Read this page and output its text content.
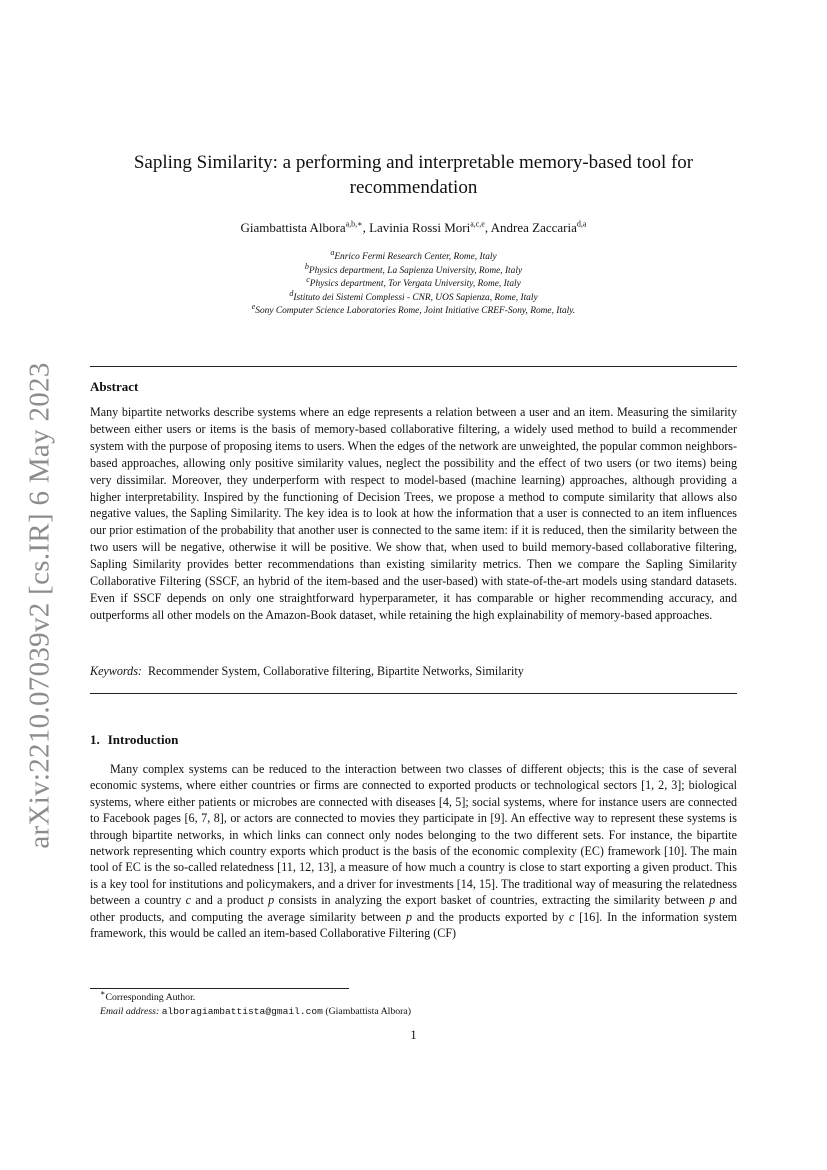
arXiv:2210.07039v2 [cs.IR] 6 May 2023
Sapling Similarity: a performing and interpretable memory-based tool for
recommendation
Giambattista Albora$^{a,b,∗}$, Lavinia Rossi Mori$^{a,c,e}$, Andrea Zaccaria$^{d,a}$
$^a$Enrico Fermi Research Center, Rome, Italy
$^b$Physics department, La Sapienza University, Rome, Italy
$^c$Physics department, Tor Vergata University, Rome, Italy
$^d$Istituto dei Sistemi Complessi - CNR, UOS Sapienza, Rome, Italy
$^e$Sony Computer Science Laboratories Rome, Joint Initiative CREF-Sony, Rome, Italy.
Abstract
Many bipartite networks describe systems where an edge represents a relation between a user and an item. Measuring the similarity between either users or items is the basis of memory-based collaborative filtering, a widely used method to build a recommender system with the purpose of proposing items to users. When the edges of the network are unweighted, the popular common neighbors-based approaches, allowing only positive similarity values, neglect the possibility and the effect of two users (or two items) being very dissimilar. Moreover, they underperform with respect to model-based (machine learning) approaches, although providing a higher interpretability. Inspired by the functioning of Decision Trees, we propose a method to compute similarity that allows also negative values, the Sapling Similarity. The key idea is to look at how the information that a user is connected to an item influences our prior estimation of the probability that another user is connected to the same item: if it is reduced, then the similarity between the two users will be negative, otherwise it will be positive. We show that, when used to build memory-based collaborative filtering, Sapling Similarity provides better recommendations than existing similarity metrics. Then we compare the Sapling Similarity Collaborative Filtering (SSCF, an hybrid of the item-based and the user-based) with state-of-the-art models using standard datasets. Even if SSCF depends on only one straightforward hyperparameter, it has comparable or higher recommending accuracy, and outperforms all other models on the Amazon-Book dataset, while retaining the high explainability of memory-based approaches.
Keywords: Recommender System, Collaborative filtering, Bipartite Networks, Similarity
1. Introduction
Many complex systems can be reduced to the interaction between two classes of different objects; this is the case of several economic systems, where either countries or firms are connected to exported products or technological sectors [1, 2, 3]; biological systems, where either patients or microbes are connected with diseases [4, 5]; social systems, where for instance users are connected to Facebook pages [6, 7, 8], or actors are connected to movies they participate in [9]. An effective way to represent these systems is through bipartite networks, in which links can connect only nodes belonging to the two different sets. For instance, the bipartite network representing which country exports which product is the basis of the economic complexity (EC) framework [10]. The main tool of EC is the so-called relatedness [11, 12, 13], a measure of how much a country is close to start exporting a given product. This is a key tool for institutions and policymakers, and a driver for investments [14, 15]. The traditional way of measuring the relatedness between a country c and a product p consists in analyzing the export basket of countries, extracting the similarity between p and other products, and computing the average similarity between p and the products exported by c [16]. In the information system framework, this would be called an item-based Collaborative Filtering (CF)
∗Corresponding Author.
Email address: alboragiambattista@gmail.com (Giambattista Albora)
1
